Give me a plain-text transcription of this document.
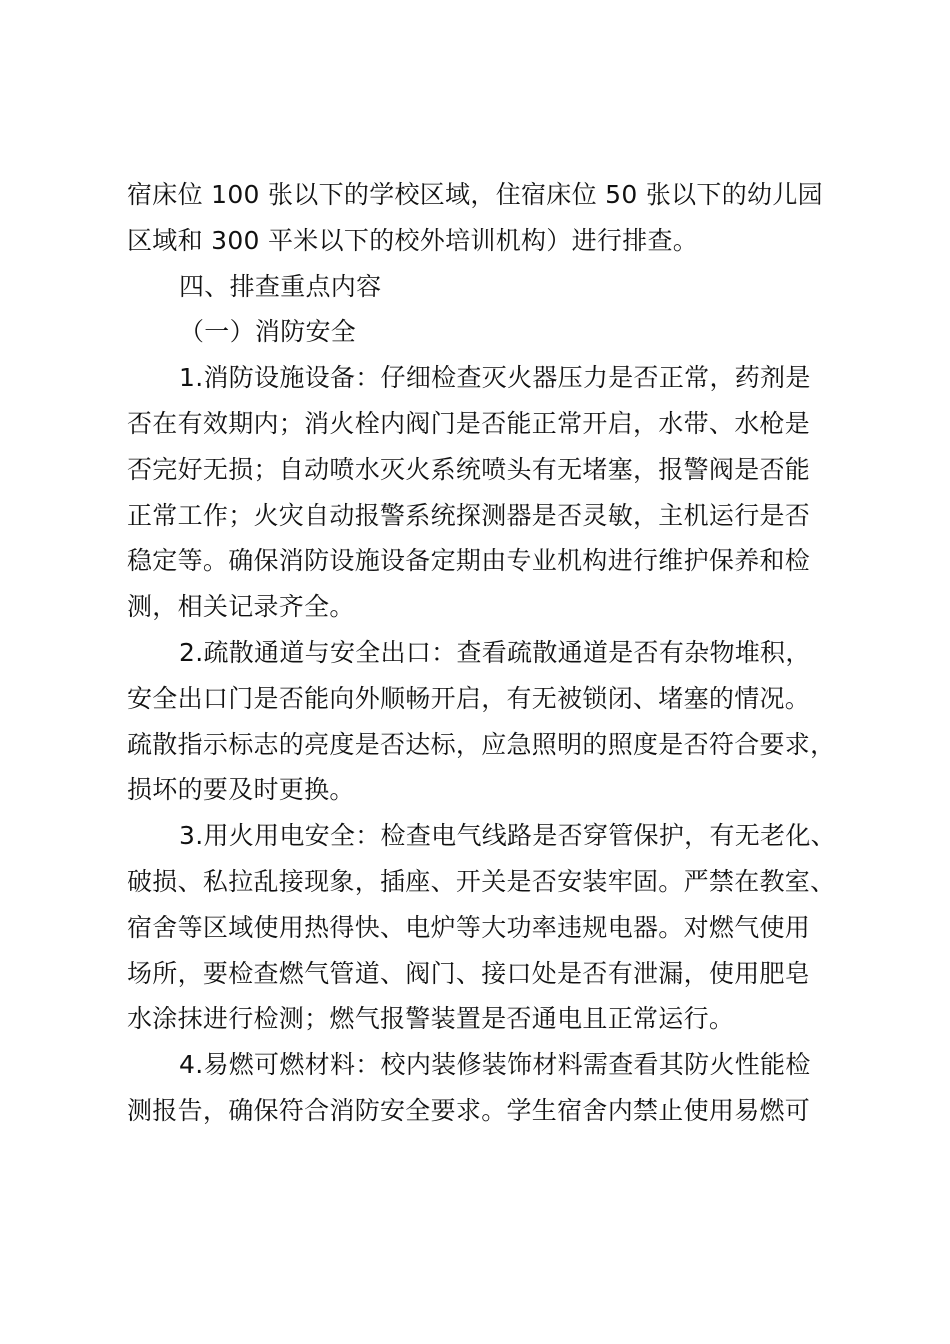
宿床位 100 张以下的学校区域，住宿床位 50 张以下的幼儿园
区域和 300 平米以下的校外培训机构）进行排查。
四、排查重点内容
（一）消防安全
1.消防设施设备：仔细检查灭火器压力是否正常，药剂是
否在有效期内；消火栓内阀门是否能正常开启，水带、水枪是
否完好无损；自动喷水灭火系统喷头有无堵塞，报警阀是否能
正常工作；火灾自动报警系统探测器是否灵敏，主机运行是否
稳定等。确保消防设施设备定期由专业机构进行维护保养和检
测，相关记录齐全。
2.疏散通道与安全出口：查看疏散通道是否有杂物堆积，
安全出口门是否能向外顺畅开启，有无被锁闭、堵塞的情况。
疏散指示标志的亮度是否达标，应急照明的照度是否符合要求，
损坏的要及时更换。
3.用火用电安全：检查电气线路是否穿管保护，有无老化、
破损、私拉乱接现象，插座、开关是否安装牢固。严禁在教室、
宿舍等区域使用热得快、电炉等大功率违规电器。对燃气使用
场所，要检查燃气管道、阀门、接口处是否有泄漏，使用肥皂
水涂抹进行检测；燃气报警装置是否通电且正常运行。
4.易燃可燃材料：校内装修装饰材料需查看其防火性能检
测报告，确保符合消防安全要求。学生宿舍内禁止使用易燃可
